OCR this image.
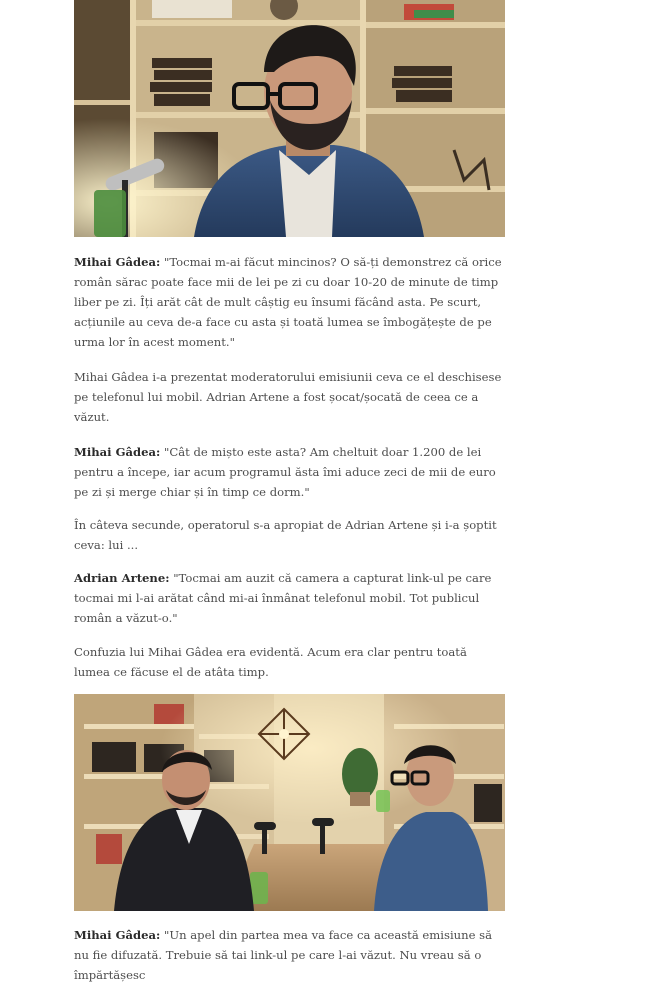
Mihai Gâdea: "Tocmai m-ai făcut mincinos? O să-ți demonstrez că orice român sărac poate face mii de lei pe zi cu doar 10-20 de minute de timp liber pe zi. Îți arăt cât de mult câștig eu însumi făcând asta. Pe scurt, acțiunile au ceva de-a face cu asta și toată lumea se îmbogățește de pe urma lor în acest moment."

Mihai Gâdea i-a prezentat moderatorului emisiunii ceva ce el deschisese pe telefonul lui mobil. Adrian Artene a fost șocat/șocată de ceea ce a văzut.

Mihai Gâdea: "Cât de mișto este asta? Am cheltuit doar 1.200 de lei pentru a începe, iar acum programul ăsta îmi aduce zeci de mii de euro pe zi și merge chiar și în timp ce dorm."

În câteva secunde, operatorul s-a apropiat de Adrian Artene și i-a șoptit ceva: lui ...

Adrian Artene: "Tocmai am auzit că camera a capturat link-ul pe care tocmai mi l-ai arătat când mi-ai înmânat telefonul mobil. Tot publicul român a văzut-o."

Confuzia lui Mihai Gâdea era evidentă. Acum era clar pentru toată lumea ce făcuse el de atâta timp.

Mihai Gâdea: "Un apel din partea mea va face ca această emisiune să nu fie difuzată. Trebuie să tai link-ul pe care l-ai văzut. Nu vreau să o împărtășesc
